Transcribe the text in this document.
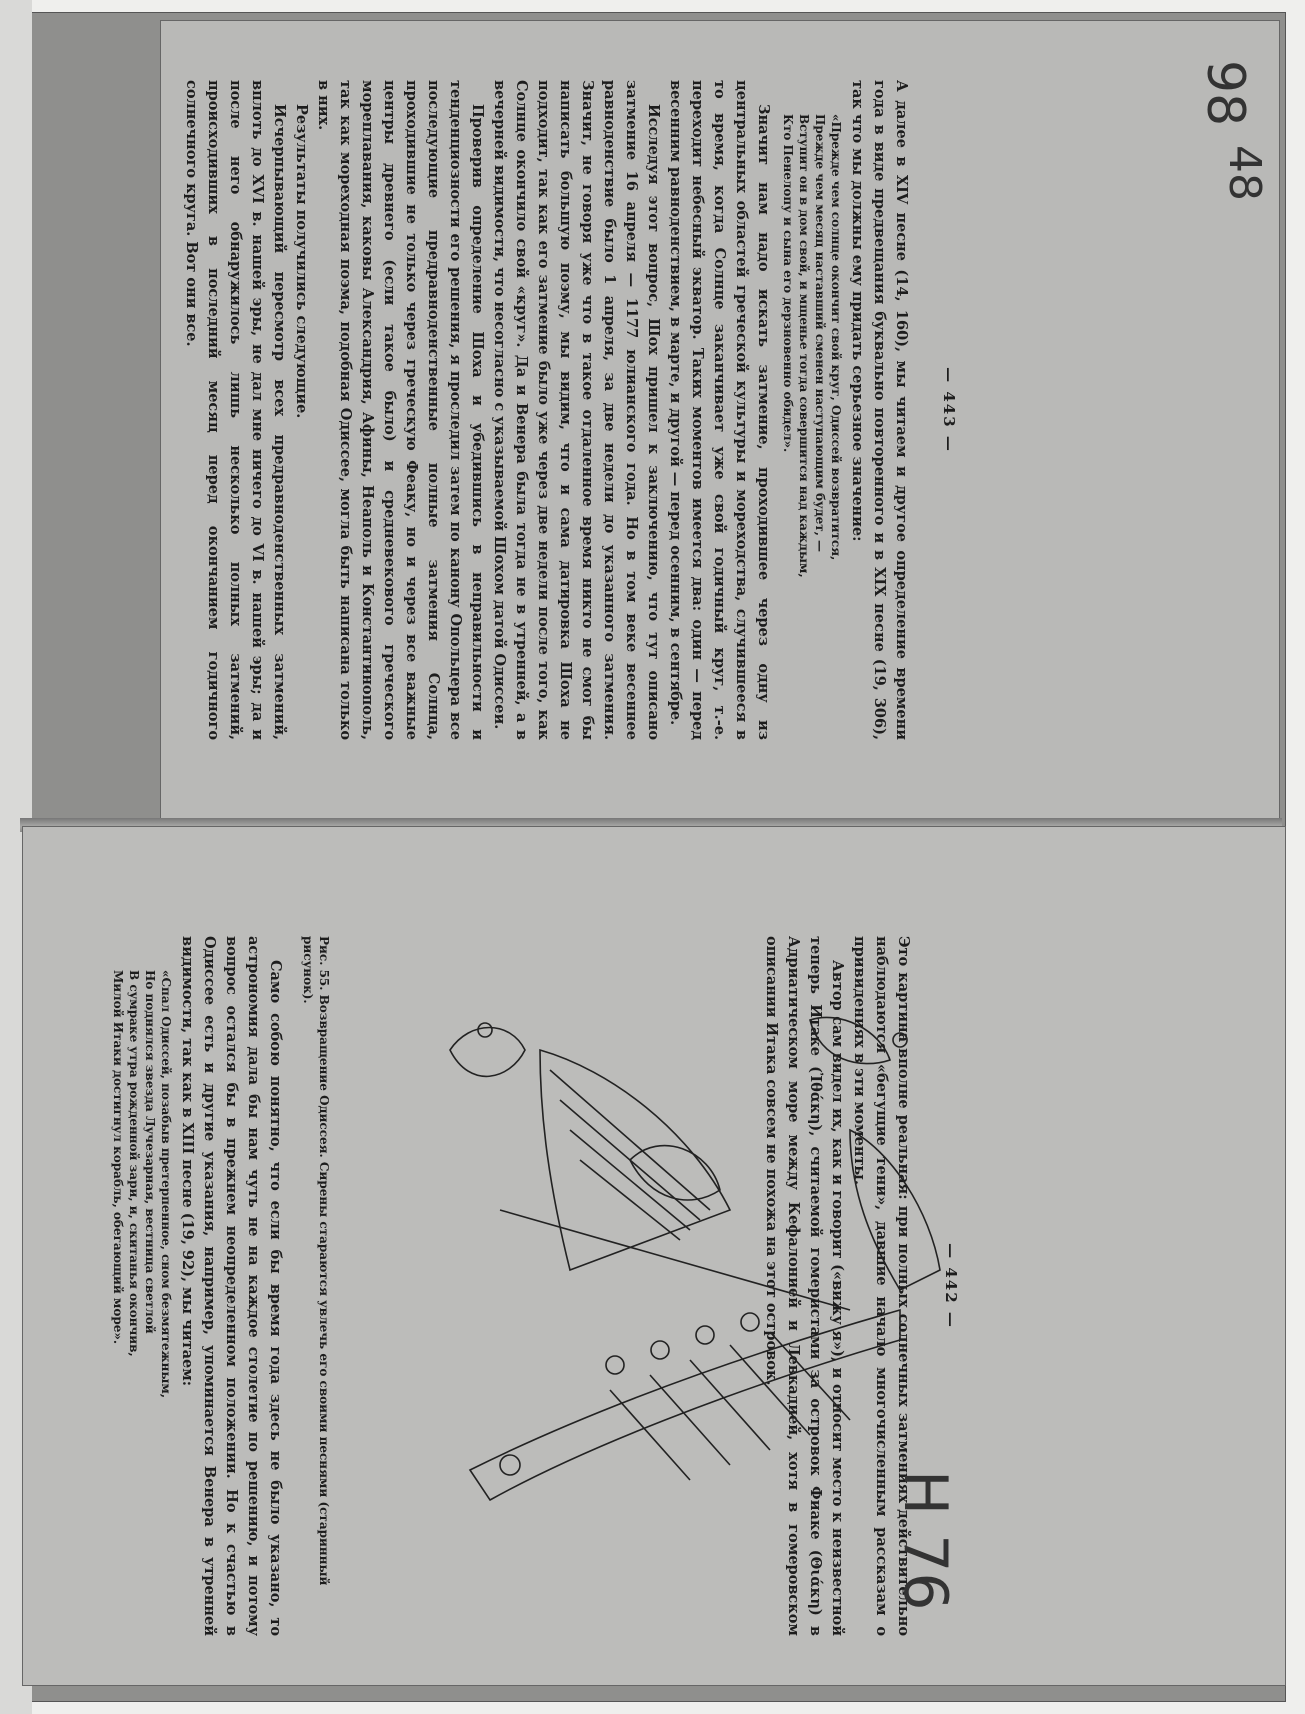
— 443 —

А далее в XIV песне (14, 160), мы читаем и другое определение времени года в виде предвещания буквально повторенного и в XIX песне (19, 306), так что мы должны ему придать серьезное значение:

«Прежде чем солнце окончит свой круг, Одиссей возвратится,
Прежде чем месяц наставший сменен наступающим будет, —
Вступит он в дом свой, и мщенье тогда совершится над каждым,
Кто Пенелопу и сына его дерзновенно обидел».

Значит нам надо искать затмение, проходившее через одну из центральных областей греческой культуры и мореходства, случившееся в то время, когда Солнце заканчивает уже свой годичный круг, т.-е. переходит небесный экватор. Таких моментов имеется два: один — перед весенним равноденствием, в марте, и другой — перед осенним, в сентябре.

Исследуя этот вопрос, Шох пришел к заключению, что тут описано затмение 16 апреля — 1177 юлианского года. Но в том веке весеннее равноденствие было 1 апреля, за две недели до указанного затмения. Значит, не говоря уже что в такое отдаленное время никто не смог бы написать большую поэму, мы видим, что и сама датировка Шоха не подходит, так как его затмение было уже через две недели после того, как Солнце окончило свой «круг». Да и Венера была тогда не в утренней, а в вечерней видимости, что несогласно с указываемой Шохом датой Одиссеи.

Проверив определение Шоха и убедившись в неправильности и тенденциозности его решения, я проследил затем по канону Опольцера все последующие предравноденственные полные затмения Солнца, проходившие не только через греческую Феаку, но и через все важные центры древнего (если такое было) и средневекового греческого мореплавания, каковы Александрия, Афины, Неаполь и Константинополь, так как мореходная поэма, подобная Одиссее, могла быть написана только в них.

Результаты получились следующие.

Исчерпывающий пересмотр всех предравноденственных затмений, вплоть до XVI в. нашей эры, не дал мне ничего до VI в. нашей эры; да и после него обнаружилось лишь несколько полных затмений, происходивших в последний месяц перед окончанием годичного солнечного круга. Вот они все.

— 442 —

Это картина вполне реальная: при полных солнечных затмениях действительно наблюдаются «бегущие тени», давшие начало многочисленным рассказам о привидениях в эти моменты.

Автор сам видел их, как и говорит («вижу я»), и относит место к неизвестной теперь Итаке (Ἰθάκη), считаемой гомеристами за островок Фиаке (Θιάκη) в Адриатическом море между Кефалонией и Левкадией, хотя в гомеровском описании Итака совсем не похожа на этот островок.

Рис. 55. Возвращение Одиссея. Сирены стараются увлечь его своими песнями (старинный рисунок).

Само собою понятно, что если бы время года здесь не было указано, то астрономия дала бы нам чуть не на каждое столетие по решению, и потому вопрос остался бы в прежнем неопределенном положении. Но к счастью в Одиссее есть и другие указания, например, упоминается Венера в утренней видимости, так как в XIII песне (19, 92), мы читаем:

«Спал Одиссей, позабыв претерпенное, сном безмятежным,
Но поднялся звезда Лучезарная, вестница светлой
В сумраке утра рожденной зари, и, скитанья окончив,
Милой Итаки достигнул корабль, обегающий море».
98
48
H 76
